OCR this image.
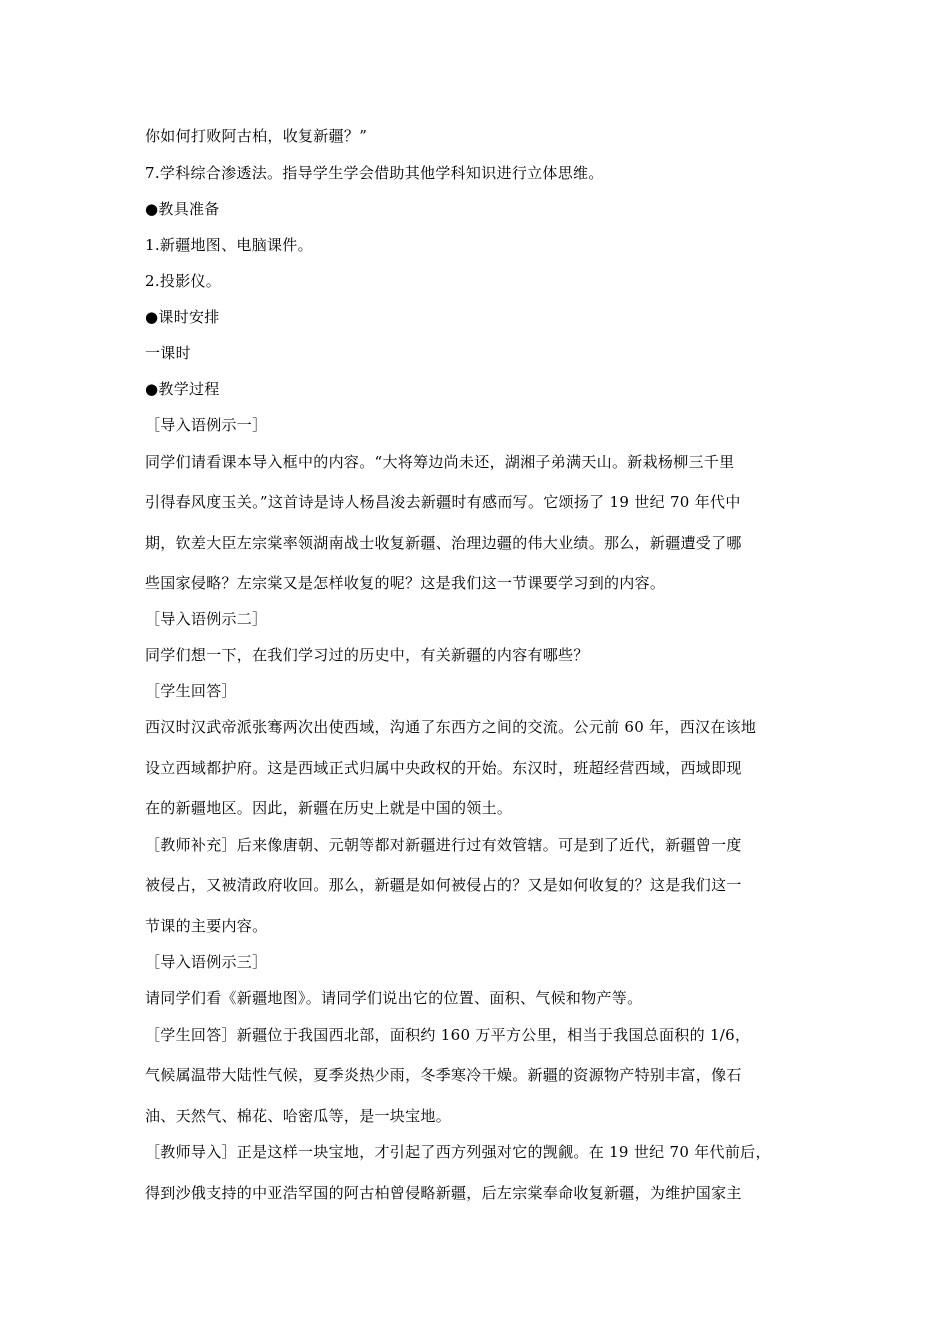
你如何打败阿古柏，收复新疆？”
7.学科综合渗透法。指导学生学会借助其他学科知识进行立体思维。
●教具准备
1.新疆地图、电脑课件。
2.投影仪。
●课时安排
一课时
●教学过程
［导入语例示一］
同学们请看课本导入框中的内容。“大将筹边尚未还，湖湘子弟满天山。新栽杨柳三千里
引得春风度玉关。”这首诗是诗人杨昌浚去新疆时有感而写。它颂扬了 19 世纪 70 年代中
期，钦差大臣左宗棠率领湖南战士收复新疆、治理边疆的伟大业绩。那么，新疆遭受了哪
些国家侵略？左宗棠又是怎样收复的呢？这是我们这一节课要学习到的内容。
［导入语例示二］
同学们想一下，在我们学习过的历史中，有关新疆的内容有哪些？
［学生回答］
西汉时汉武帝派张骞两次出使西域，沟通了东西方之间的交流。公元前 60 年，西汉在该地
设立西域都护府。这是西域正式归属中央政权的开始。东汉时，班超经营西域，西域即现
在的新疆地区。因此，新疆在历史上就是中国的领土。
［教师补充］后来像唐朝、元朝等都对新疆进行过有效管辖。可是到了近代，新疆曾一度
被侵占，又被清政府收回。那么，新疆是如何被侵占的？又是如何收复的？这是我们这一
节课的主要内容。
［导入语例示三］
请同学们看《新疆地图》。请同学们说出它的位置、面积、气候和物产等。
［学生回答］新疆位于我国西北部，面积约 160 万平方公里，相当于我国总面积的 1/6，
气候属温带大陆性气候，夏季炎热少雨，冬季寒冷干燥。新疆的资源物产特别丰富，像石
油、天然气、棉花、哈密瓜等，是一块宝地。
［教师导入］正是这样一块宝地，才引起了西方列强对它的觊觎。在 19 世纪 70 年代前后，
得到沙俄支持的中亚浩罕国的阿古柏曾侵略新疆，后左宗棠奉命收复新疆，为维护国家主
